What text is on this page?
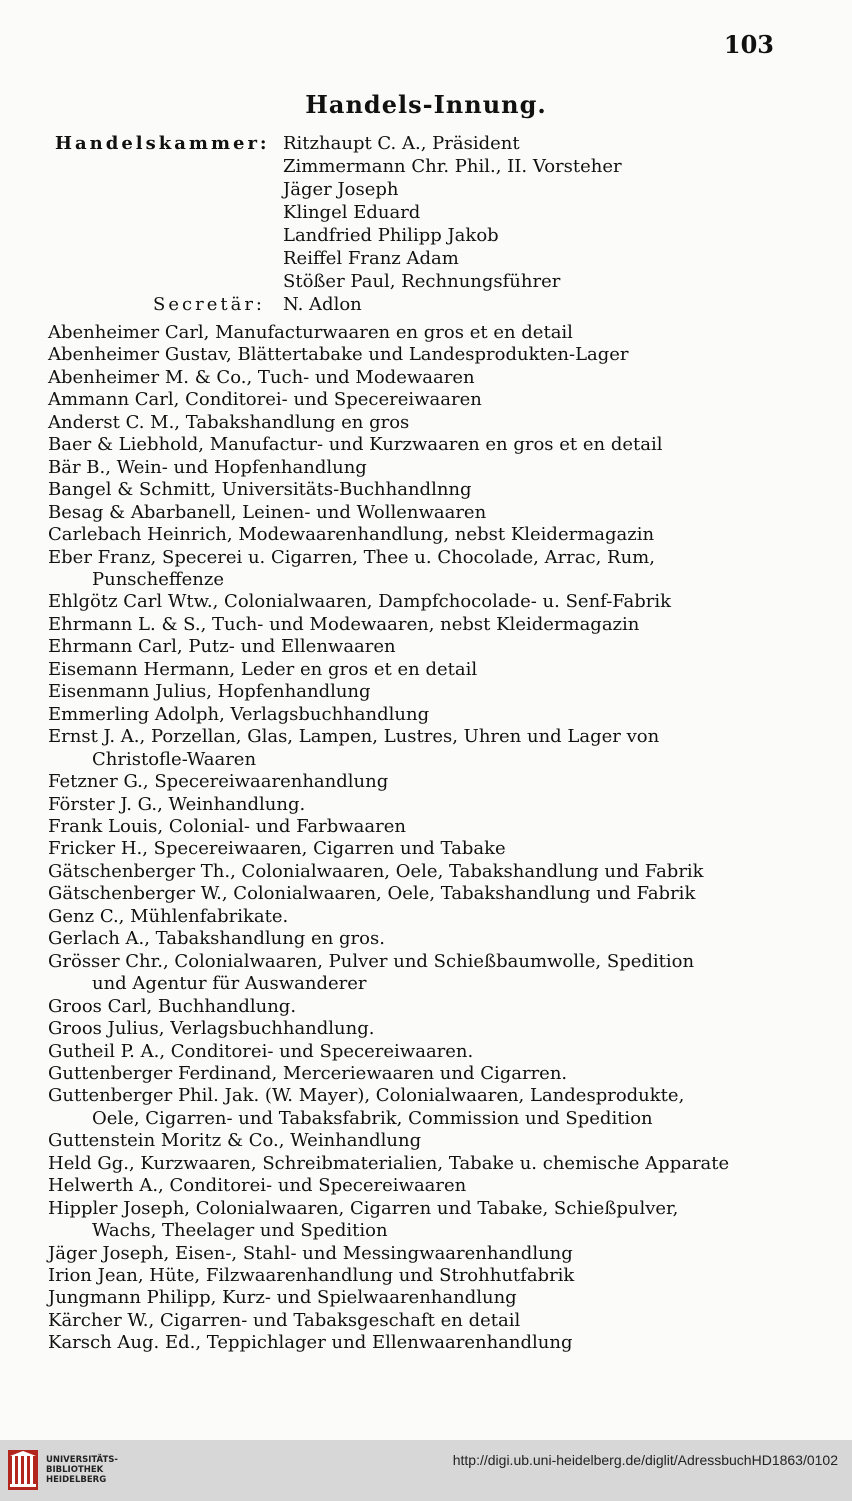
103
Handels-Innung.
Handelskammer: Ritzhaupt C. A., Präsident
Zimmermann Chr. Phil., II. Vorsteher
Jäger Joseph
Klingel Eduard
Landfried Philipp Jakob
Reiffel Franz Adam
Stößer Paul, Rechnungsführer
Secretär:	N. Adlon
Abenheimer Carl, Manufacturwaaren en gros et en detail
Abenheimer Gustav, Blättertabake und Landesprodukten-Lager
Abenheimer M. & Co., Tuch- und Modewaaren
Ammann Carl, Conditorei- und Specereiwaaren
Anderst C. M., Tabakshandlung en gros
Baer & Liebhold, Manufactur- und Kurzwaaren en gros et en detail
Bär B., Wein- und Hopfenhandlung
Bangel & Schmitt, Universitäts-Buchhandlnng
Besag & Abarbanell, Leinen- und Wollenwaaren
Carlebach Heinrich, Modewaarenhandlung, nebst Kleidermagazin
Eber Franz, Specerei u. Cigarren, Thee u. Chocolade, Arrac, Rum,
Punscheffenze
Ehlgötz Carl Wtw., Colonialwaaren, Dampfchocolade- u. Senf-Fabrik
Ehrmann L. & S., Tuch- und Modewaaren, nebst Kleidermagazin
Ehrmann Carl, Putz- und Ellenwaaren
Eisemann Hermann, Leder en gros et en detail
Eisenmann Julius, Hopfenhandlung
Emmerling Adolph, Verlagsbuchhandlung
Ernst J. A., Porzellan, Glas, Lampen, Lustres, Uhren und Lager von
Christofle-Waaren
Fetzner G., Specereiwaarenhandlung
Förster J. G., Weinhandlung.
Frank Louis, Colonial- und Farbwaaren
Fricker H., Specereiwaaren, Cigarren und Tabake
Gätschenberger Th., Colonialwaaren, Oele, Tabakshandlung und Fabrik
Gätschenberger W., Colonialwaaren, Oele, Tabakshandlung und Fabrik
Genz C., Mühlenfabrikate.
Gerlach A., Tabakshandlung en gros.
Grösser Chr., Colonialwaaren, Pulver und Schießbaumwolle, Spedition
und Agentur für Auswanderer
Groos Carl, Buchhandlung.
Groos Julius, Verlagsbuchhandlung.
Gutheil P. A., Conditorei- und Specereiwaaren.
Guttenberger Ferdinand, Merceriewaaren und Cigarren.
Guttenberger Phil. Jak. (W. Mayer), Colonialwaaren, Landesprodukte,
Oele, Cigarren- und Tabaksfabrik, Commission und Spedition
Guttenstein Moritz & Co., Weinhandlung
Held Gg., Kurzwaaren, Schreibmaterialien, Tabake u. chemische Apparate
Helwerth A., Conditorei- und Specereiwaaren
Hippler Joseph, Colonialwaaren, Cigarren und Tabake, Schießpulver,
Wachs, Theelager und Spedition
Jäger Joseph, Eisen-, Stahl- und Messingwaarenhandlung
Irion Jean, Hüte, Filzwaarenhandlung und Strohhutfabrik
Jungmann Philipp, Kurz- und Spielwaarenhandlung
Kärcher W., Cigarren- und Tabaksgeschaft en detail
Karsch Aug. Ed., Teppichlager und Ellenwaarenhandlung
UNIVERSITÄTS-
BIBLIOTHEK
HEIDELBERG
http://digi.ub.uni-heidelberg.de/diglit/AdressbuchHD1863/0102
